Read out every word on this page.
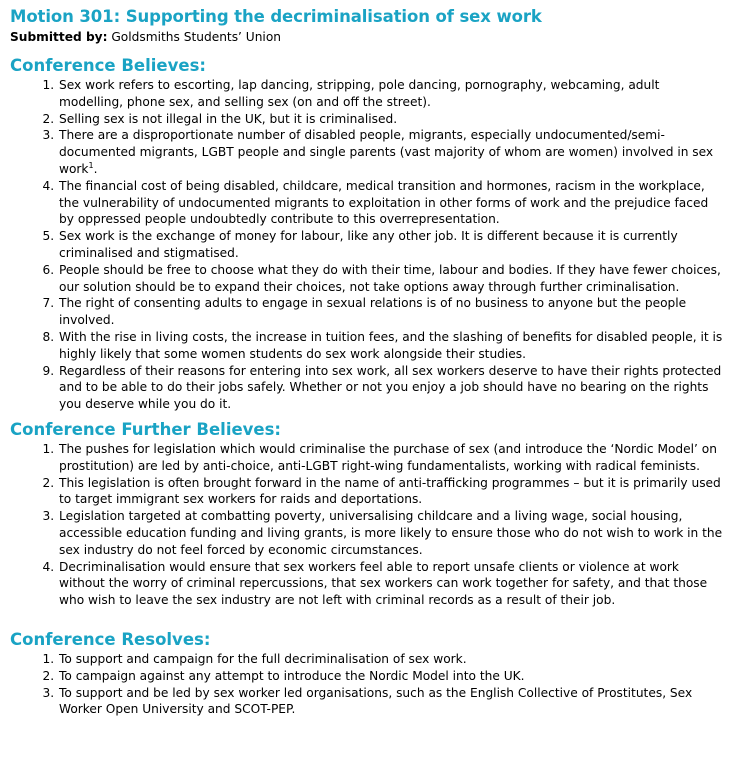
Motion 301: Supporting the decriminalisation of sex work

Submitted by: Goldsmiths Students’ Union

Conference Believes:
1. Sex work refers to escorting, lap dancing, stripping, pole dancing, pornography, webcaming, adult modelling, phone sex, and selling sex (on and off the street).
2. Selling sex is not illegal in the UK, but it is criminalised.
3. There are a disproportionate number of disabled people, migrants, especially undocumented/semi-documented migrants, LGBT people and single parents (vast majority of whom are women) involved in sex work$^1$.
4. The financial cost of being disabled, childcare, medical transition and hormones, racism in the workplace, the vulnerability of undocumented migrants to exploitation in other forms of work and the prejudice faced by oppressed people undoubtedly contribute to this overrepresentation.
5. Sex work is the exchange of money for labour, like any other job. It is different because it is currently criminalised and stigmatised.
6. People should be free to choose what they do with their time, labour and bodies. If they have fewer choices, our solution should be to expand their choices, not take options away through further criminalisation.
7. The right of consenting adults to engage in sexual relations is of no business to anyone but the people involved.
8. With the rise in living costs, the increase in tuition fees, and the slashing of benefits for disabled people, it is highly likely that some women students do sex work alongside their studies.
9. Regardless of their reasons for entering into sex work, all sex workers deserve to have their rights protected and to be able to do their jobs safely. Whether or not you enjoy a job should have no bearing on the rights you deserve while you do it.
Conference Further Believes:
1. The pushes for legislation which would criminalise the purchase of sex (and introduce the ‘Nordic Model’ on prostitution) are led by anti-choice, anti-LGBT right-wing fundamentalists, working with radical feminists.
2. This legislation is often brought forward in the name of anti-trafficking programmes – but it is primarily used to target immigrant sex workers for raids and deportations.
3. Legislation targeted at combatting poverty, universalising childcare and a living wage, social housing, accessible education funding and living grants, is more likely to ensure those who do not wish to work in the sex industry do not feel forced by economic circumstances.
4. Decriminalisation would ensure that sex workers feel able to report unsafe clients or violence at work without the worry of criminal repercussions, that sex workers can work together for safety, and that those who wish to leave the sex industry are not left with criminal records as a result of their job.
Conference Resolves:
1. To support and campaign for the full decriminalisation of sex work.
2. To campaign against any attempt to introduce the Nordic Model into the UK.
3. To support and be led by sex worker led organisations, such as the English Collective of Prostitutes, Sex Worker Open University and SCOT-PEP.
